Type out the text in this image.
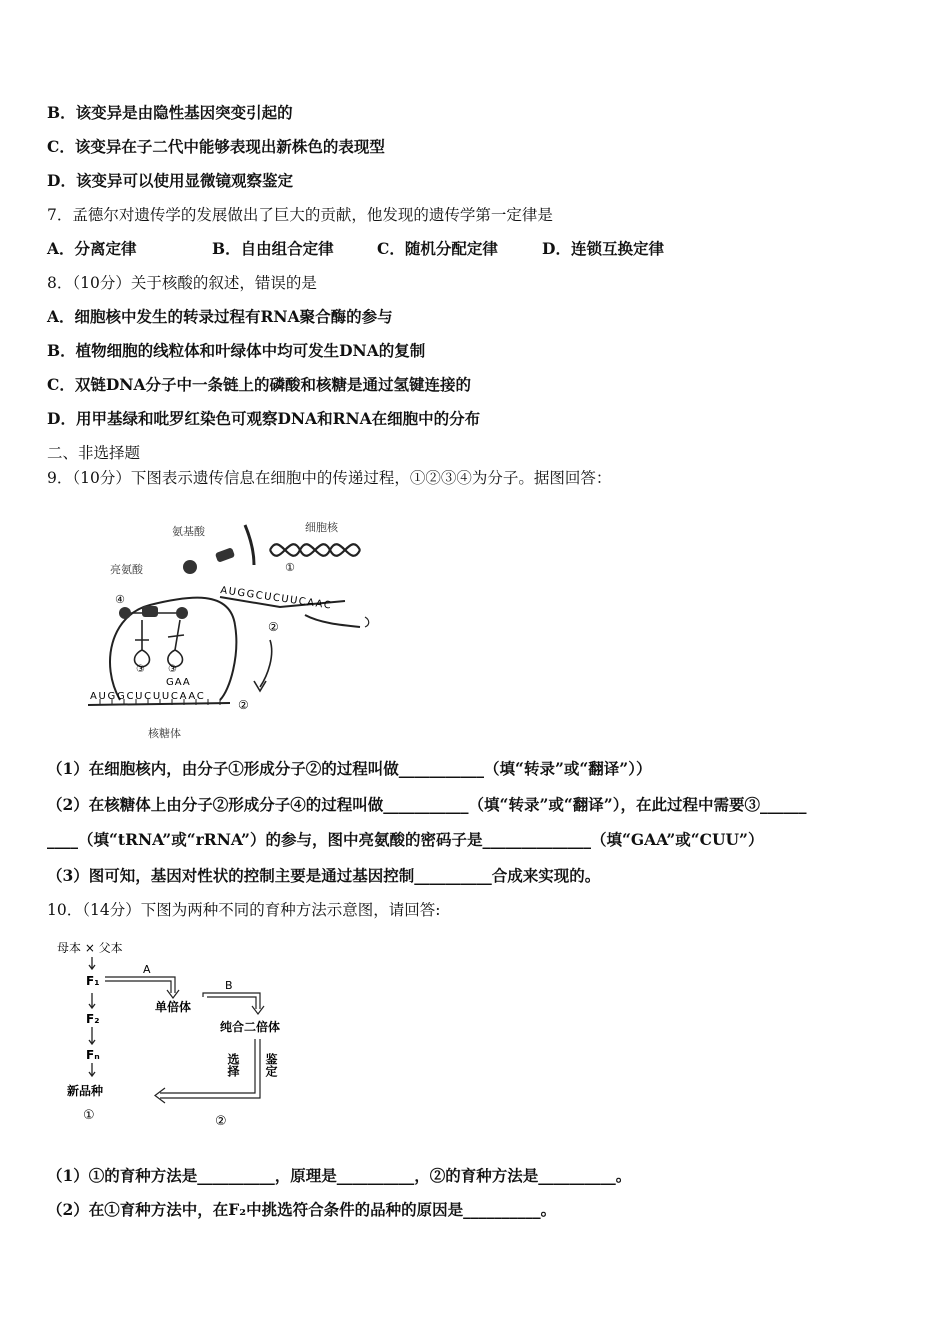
B．该变异是由隐性基因突变引起的
C．该变异在子二代中能够表现出新株色的表现型
D．该变异可以使用显微镜观察鉴定
7．孟德尔对遗传学的发展做出了巨大的贡献，他发现的遗传学第一定律是
A．分离定律	B．自由组合定律	C．随机分配定律	D．连锁互换定律
8．（10分）关于核酸的叙述，错误的是
A．细胞核中发生的转录过程有RNA聚合酶的参与
B．植物细胞的线粒体和叶绿体中均可发生DNA的复制
C．双链DNA分子中一条链上的磷酸和核糖是通过氢键连接的
D．用甲基绿和吡罗红染色可观察DNA和RNA在细胞中的分布
二、非选择题
9．（10分）下图表示遗传信息在细胞中的传递过程，①②③④为分子。据图回答：
氨基酸	细胞核
亮氨酸
核糖体
①
AUGGCUCUUCAAC
②
④
③ ③
GAA
AUGGCUCUUCAAC
②
（1）在细胞核内，由分子①形成分子②的过程叫做___________（填“转录”或“翻译”））
（2）在核糖体上由分子②形成分子④的过程叫做___________（填“转录”或“翻译”），在此过程中需要③______
____（填“tRNA”或“rRNA”）的参与，图中亮氨酸的密码子是______________（填“GAA”或“CUU”）
（3）图可知，基因对性状的控制主要是通过基因控制__________合成来实现的。
10．（14分）下图为两种不同的育种方法示意图，请回答:
母本 × 父本
F₁
F₂
Fₙ
新品种
①
A
单倍体
B
纯合二倍体
选择 鉴定
②
（1）①的育种方法是__________，原理是__________，②的育种方法是__________。
（2）在①育种方法中，在F₂中挑选符合条件的品种的原因是__________。
